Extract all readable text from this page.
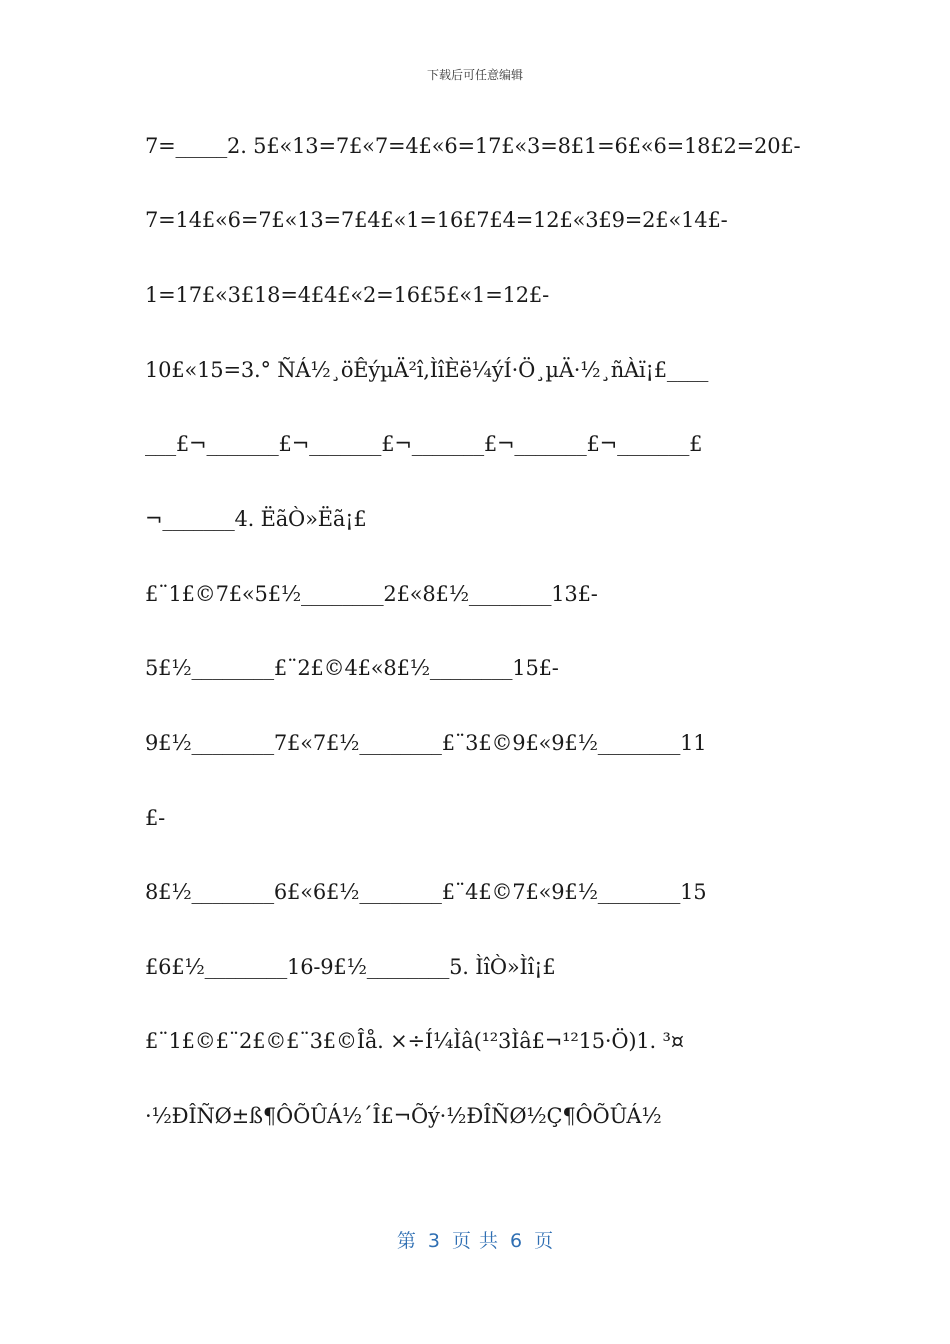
下载后可任意编辑
7=_____2. 5£«13=7£«7=4£«6=17£«3=8£1=6£«6=18£2=20£-
7=14£«6=7£«13=7£4£«1=16£7£4=12£«3£9=2£«14£-
1=17£«3£18=4£4£«2=16£5£«1=12£-
10£«15=3.° ÑÁ½¸öÊýµÄ²î,ÌîÈë¼ýÍ·Ö¸µÄ·½¸ñÀï¡£____
___£¬_______£¬_______£¬_______£¬_______£¬_______£
¬_______4. ËãÒ»Ëã¡£
£¨1£©7£«5£½________2£«8£½________13£-
5£½________£¨2£©4£«8£½________15£-
9£½________7£«7£½________£¨3£©9£«9£½________11
£-
8£½________6£«6£½________£¨4£©7£«9£½________15
£6£½________16-9£½________5. ÌîÒ»Ìî¡£
£¨1£©£¨2£©£¨3£©Îå. ×÷Í¼Ìâ(¹²3Ìâ£¬¹²15·Ö)1. ³¤
·½ÐÎÑØ±ß¶ÔÕÛÁ½´Î£¬Õý·½ÐÎÑØ½Ç¶ÔÕÛÁ½
第 3 页 共 6 页
